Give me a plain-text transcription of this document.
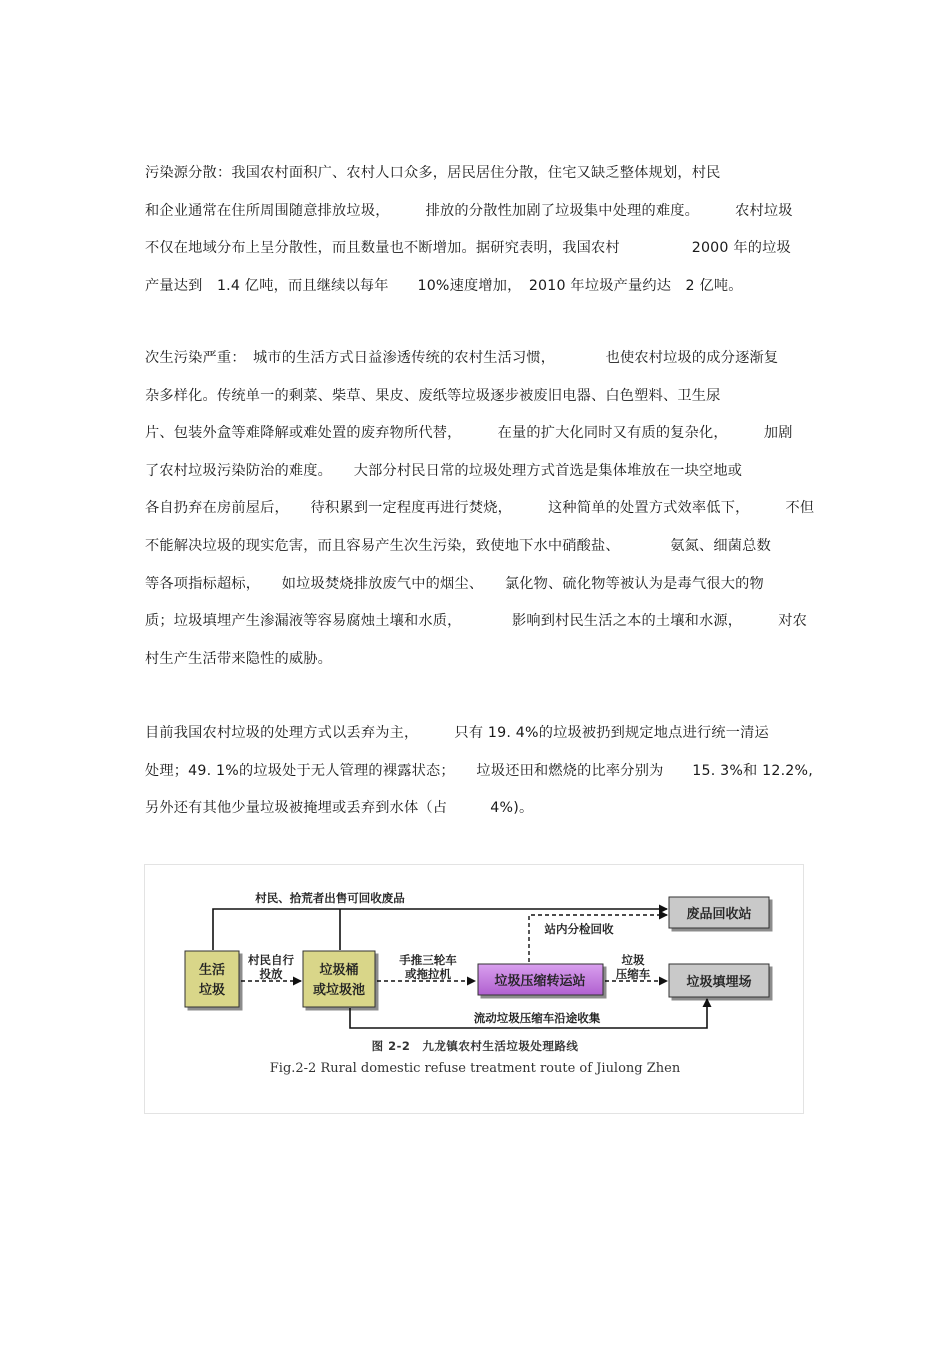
污染源分散：我国农村面积广、农村人口众多，居民居住分散，住宅又缺乏整体规划，村民
和企业通常在住所周围随意排放垃圾，　　　排放的分散性加剧了垃圾集中处理的难度。　　　农村垃圾
不仅在地域分布上呈分散性，而且数量也不断增加。据研究表明，我国农村　　　　　2000 年的垃圾
产量达到　1.4 亿吨，而且继续以每年　　10%速度增加，　2010 年垃圾产量约达　2 亿吨。
次生污染严重：　城市的生活方式日益渗透传统的农村生活习惯，　　　　也使农村垃圾的成分逐渐复
杂多样化。传统单一的剩菜、柴草、果皮、废纸等垃圾逐步被废旧电器、白色塑料、卫生尿
片、包装外盒等难降解或难处置的废弃物所代替，　　　在量的扩大化同时又有质的复杂化，　　　加剧
了农村垃圾污染防治的难度。　　大部分村民日常的垃圾处理方式首选是集体堆放在一块空地或
各自扔弃在房前屋后，　　待积累到一定程度再进行焚烧，　　　这种简单的处置方式效率低下，　　　不但
不能解决垃圾的现实危害，而且容易产生次生污染，致使地下水中硝酸盐、　　　　氨氮、细菌总数
等各项指标超标，　　如垃圾焚烧排放废气中的烟尘、　　氯化物、硫化物等被认为是毒气很大的物
质；垃圾填埋产生渗漏液等容易腐烛土壤和水质，　　　　影响到村民生活之本的土壤和水源，　　　对农
村生产生活带来隐性的威胁。
目前我国农村垃圾的处理方式以丢弃为主，　　　只有 19. 4%的垃圾被扔到规定地点进行统一清运
处理；49. 1%的垃圾处于无人管理的裸露状态；　　垃圾还田和燃烧的比率分别为　　15. 3%和 12.2%,
另外还有其他少量垃圾被掩埋或丢弃到水体（占　　　4%)。
生活
垃圾
垃圾桶
或垃圾池
垃圾压缩转运站
废品回收站
垃圾填埋场
村民、拾荒者出售可回收废品
站内分检回收
村民自行
投放
手推三轮车
或拖拉机
垃圾
压缩车
流动垃圾压缩车沿途收集
图 2-2　九龙镇农村生活垃圾处理路线
Fig.2-2 Rural domestic refuse treatment route of Jiulong Zhen
